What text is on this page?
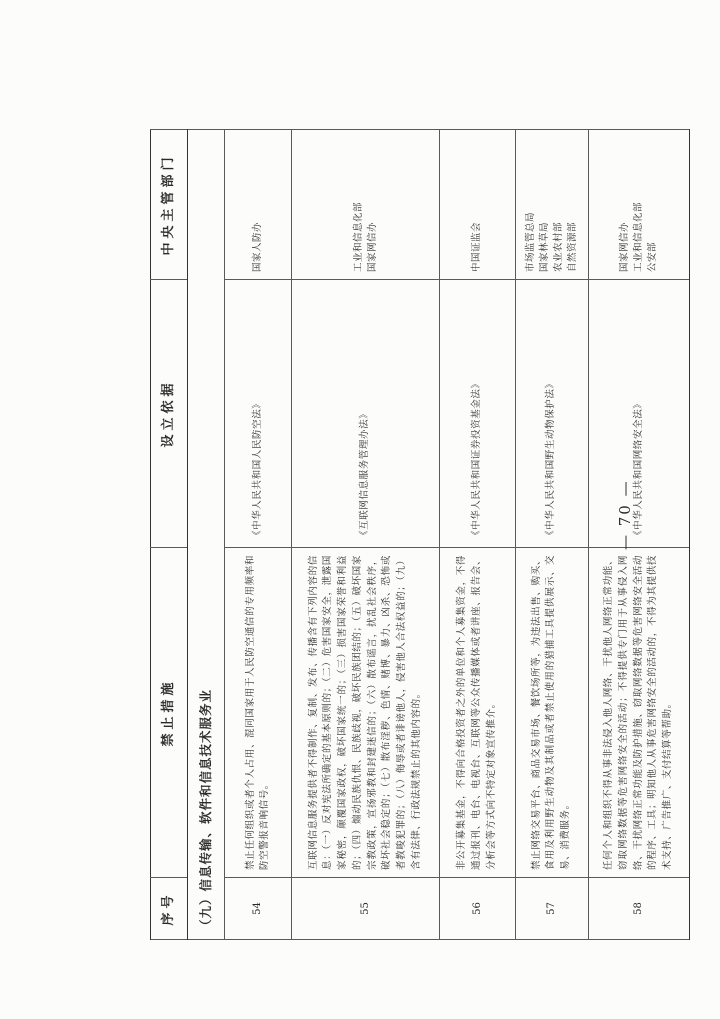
序号	禁止措施	设立依据	中央主管部门
（九）信息传输、软件和信息技术服务业			
54	禁止任何组织或者个人占用、混同国家用于人民防空通信的专用频率和防空警报音响信号。	《中华人民共和国人民防空法》	国家人防办

55	互联网信息服务提供者不得制作、复制、发布、传播含有下列内容的信息：（一）反对宪法所确定的基本原则的；（二）危害国家安全，泄露国家秘密，颠覆国家政权，破坏国家统一的；（三）损害国家荣誉和利益的；（四）煽动民族仇恨、民族歧视，破坏民族团结的；（五）破坏国家宗教政策，宣扬邪教和封建迷信的；（六）散布谣言，扰乱社会秩序，破坏社会稳定的；（七）散布淫秽、色情、赌博、暴力、凶杀、恐怖或者教唆犯罪的；（八）侮辱或者诽谤他人，侵害他人合法权益的；（九）含有法律、行政法规禁止的其他内容的。	《互联网信息服务管理办法》	工业和信息化部 国家网信办

56	非公开募集基金，不得向合格投资者之外的单位和个人募集资金，不得通过报刊、电台、电视台、互联网等公众传播媒体或者讲座、报告会、分析会等方式向不特定对象宣传推介。	《中华人民共和国证券投资基金法》	中国证监会

57	禁止网络交易平台、商品交易市场、餐饮场所等，为违法出售、购买、食用及利用野生动物及其制品或者禁止使用的猎捕工具提供展示、交易、消费服务。	《中华人民共和国野生动物保护法》	市场监管总局 国家林草局 农业农村部 自然资源部

58	任何个人和组织不得从事非法侵入他人网络、干扰他人网络正常功能、窃取网络数据等危害网络安全的活动；不得提供专门用于从事侵入网络、干扰网络正常功能及防护措施、窃取网络数据等危害网络安全活动的程序、工具；明知他人从事危害网络安全的活动的，不得为其提供技术支持、广告推广、支付结算等帮助。	《中华人民共和国网络安全法》	国家网信办 工业和信息化部 公安部
— 70 —
